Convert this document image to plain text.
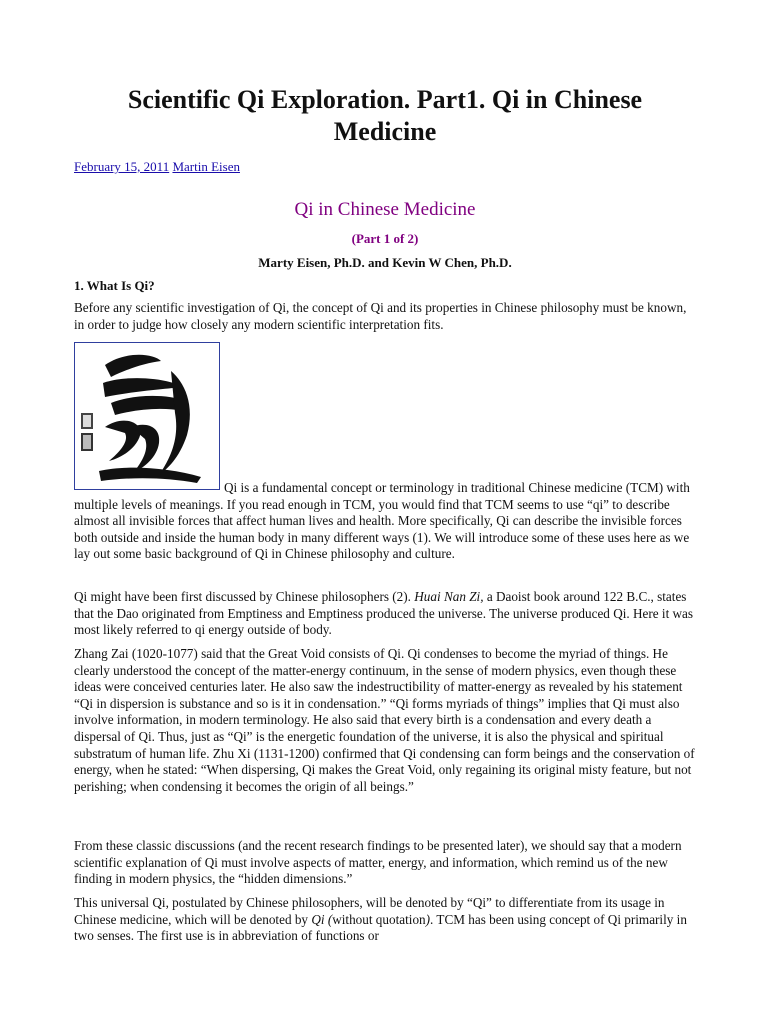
Scientific Qi Exploration. Part1. Qi in Chinese Medicine
February 15, 2011 Martin Eisen
Qi in Chinese Medicine
(Part 1 of 2)
Marty Eisen, Ph.D. and Kevin W Chen, Ph.D.
1. What Is Qi?

Before any scientific investigation of Qi, the concept of Qi and its properties in Chinese philosophy must be known, in order to judge how closely any modern scientific interpretation fits.

Qi is a fundamental concept or terminology in traditional Chinese medicine (TCM) with multiple levels of meanings. If you read enough in TCM, you would find that TCM seems to use “qi” to describe almost all invisible forces that affect human lives and health. More specifically, Qi can describe the invisible forces both outside and inside the human body in many different ways (1). We will introduce some of these uses here as we lay out some basic background of Qi in Chinese philosophy and culture.

Qi might have been first discussed by Chinese philosophers (2). Huai Nan Zi, a Daoist book around 122 B.C., states that the Dao originated from Emptiness and Emptiness produced the universe. The universe produced Qi. Here it was most likely referred to qi energy outside of body.

Zhang Zai (1020-1077) said that the Great Void consists of Qi. Qi condenses to become the myriad of things. He clearly understood the concept of the matter-energy continuum, in the sense of modern physics, even though these ideas were conceived centuries later. He also saw the indestructibility of matter-energy as revealed by his statement “Qi in dispersion is substance and so is it in condensation.” “Qi forms myriads of things” implies that Qi must also involve information, in modern terminology. He also said that every birth is a condensation and every death a dispersal of Qi. Thus, just as “Qi” is the energetic foundation of the universe, it is also the physical and spiritual substratum of human life. Zhu Xi (1131-1200) confirmed that Qi condensing can form beings and the conservation of energy, when he stated: “When dispersing, Qi makes the Great Void, only regaining its original misty feature, but not perishing; when condensing it becomes the origin of all beings.”

From these classic discussions (and the recent research findings to be presented later), we should say that a modern scientific explanation of Qi must involve aspects of matter, energy, and information, which remind us of the new finding in modern physics, the “hidden dimensions.”

This universal Qi, postulated by Chinese philosophers, will be denoted by “Qi” to differentiate from its usage in Chinese medicine, which will be denoted by Qi (without quotation). TCM has been using concept of Qi primarily in two senses. The first use is in abbreviation of functions or
